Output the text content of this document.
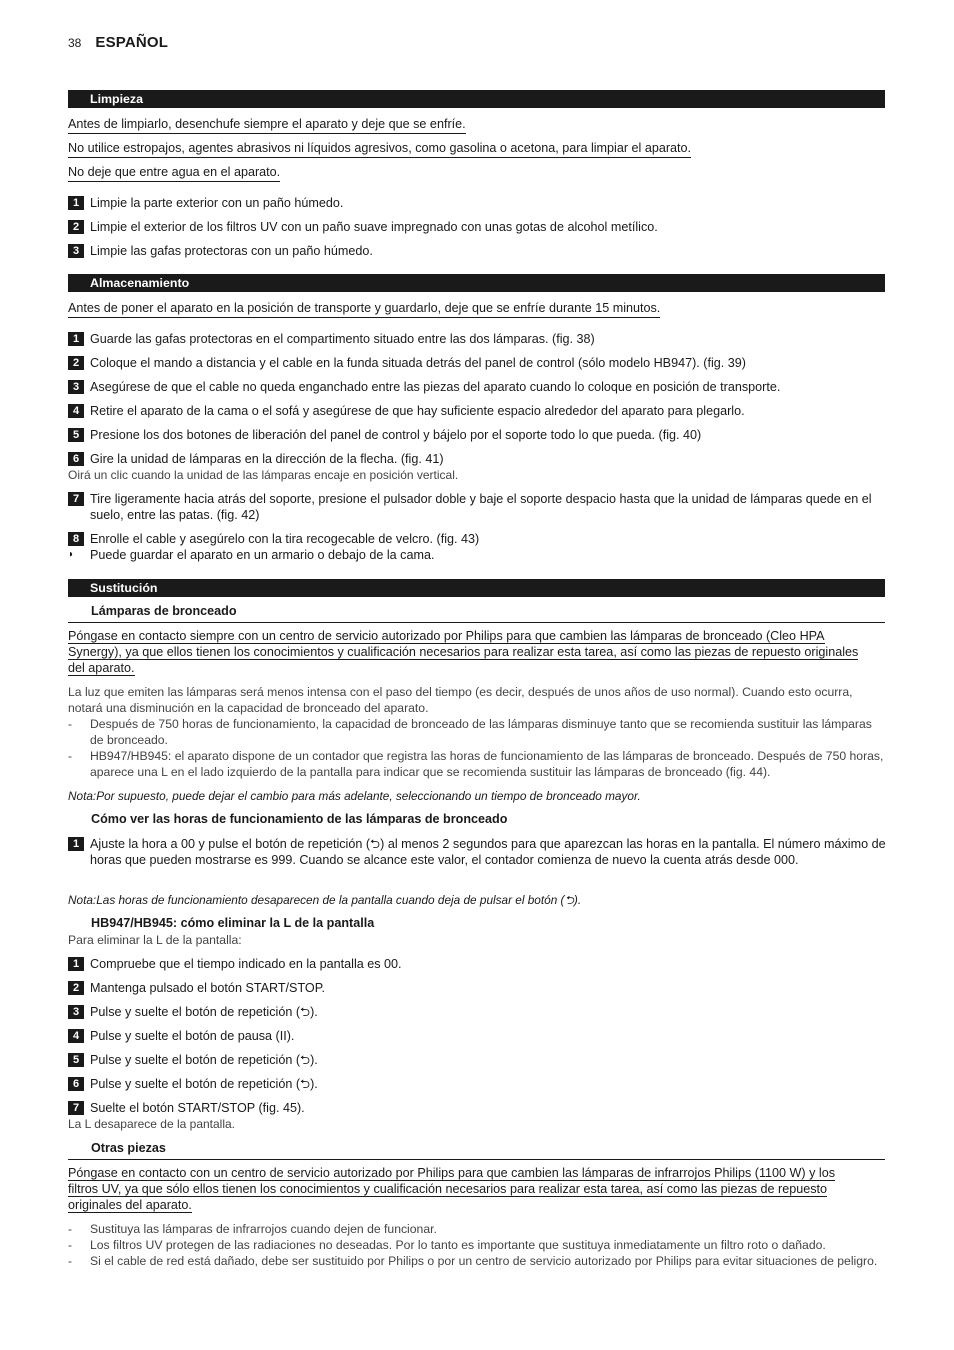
38 ESPAÑOL
Limpieza
Antes de limpiarlo, desenchufe siempre el aparato y deje que se enfríe.
No utilice estropajos, agentes abrasivos ni líquidos agresivos, como gasolina o acetona, para limpiar el aparato.
No deje que entre agua en el aparato.
1 Limpie la parte exterior con un paño húmedo.
2 Limpie el exterior de los filtros UV con un paño suave impregnado con unas gotas de alcohol metílico.
3 Limpie las gafas protectoras con un paño húmedo.
Almacenamiento
Antes de poner el aparato en la posición de transporte y guardarlo, deje que se enfríe durante 15 minutos.
1 Guarde las gafas protectoras en el compartimento situado entre las dos lámparas. (fig. 38)
2 Coloque el mando a distancia y el cable en la funda situada detrás del panel de control (sólo modelo HB947). (fig. 39)
3 Asegúrese de que el cable no queda enganchado entre las piezas del aparato cuando lo coloque en posición de transporte.
4 Retire el aparato de la cama o el sofá y asegúrese de que hay suficiente espacio alrededor del aparato para plegarlo.
5 Presione los dos botones de liberación del panel de control y bájelo por el soporte todo lo que pueda. (fig. 40)
6 Gire la unidad de lámparas en la dirección de la flecha. (fig. 41)
Oirá un clic cuando la unidad de las lámparas encaje en posición vertical.
7 Tire ligeramente hacia atrás del soporte, presione el pulsador doble y baje el soporte despacio hasta que la unidad de lámparas quede en el suelo, entre las patas. (fig. 42)
8 Enrolle el cable y asegúrelo con la tira recogecable de velcro. (fig. 43)
◗ Puede guardar el aparato en un armario o debajo de la cama.
Sustitución
Lámparas de bronceado
Póngase en contacto siempre con un centro de servicio autorizado por Philips para que cambien las lámparas de bronceado (Cleo HPA
Synergy), ya que ellos tienen los conocimientos y cualificación necesarios para realizar esta tarea, así como las piezas de repuesto originales
del aparato.
La luz que emiten las lámparas será menos intensa con el paso del tiempo (es decir, después de unos años de uso normal). Cuando esto ocurra, notará una disminución en la capacidad de bronceado del aparato.
- Después de 750 horas de funcionamiento, la capacidad de bronceado de las lámparas disminuye tanto que se recomienda sustituir las lámparas de bronceado.
- HB947/HB945: el aparato dispone de un contador que registra las horas de funcionamiento de las lámparas de bronceado. Después de 750 horas, aparece una L en el lado izquierdo de la pantalla para indicar que se recomienda sustituir las lámparas de bronceado (fig. 44).
Nota:Por supuesto, puede dejar el cambio para más adelante, seleccionando un tiempo de bronceado mayor.
Cómo ver las horas de funcionamiento de las lámparas de bronceado
1 Ajuste la hora a 00 y pulse el botón de repetición (⮌) al menos 2 segundos para que aparezcan las horas en la pantalla. El número máximo de horas que pueden mostrarse es 999. Cuando se alcance este valor, el contador comienza de nuevo la cuenta atrás desde 000.
Nota:Las horas de funcionamiento desaparecen de la pantalla cuando deja de pulsar el botón (⮌).
HB947/HB945: cómo eliminar la L de la pantalla
Para eliminar la L de la pantalla:
1 Compruebe que el tiempo indicado en la pantalla es 00.
2 Mantenga pulsado el botón START/STOP.
3 Pulse y suelte el botón de repetición (⮌).
4 Pulse y suelte el botón de pausa (II).
5 Pulse y suelte el botón de repetición (⮌).
6 Pulse y suelte el botón de repetición (⮌).
7 Suelte el botón START/STOP (fig. 45).
La L desaparece de la pantalla.
Otras piezas
Póngase en contacto con un centro de servicio autorizado por Philips para que cambien las lámparas de infrarrojos Philips (1100 W) y los
filtros UV, ya que sólo ellos tienen los conocimientos y cualificación necesarios para realizar esta tarea, así como las piezas de repuesto
originales del aparato.
- Sustituya las lámparas de infrarrojos cuando dejen de funcionar.
- Los filtros UV protegen de las radiaciones no deseadas. Por lo tanto es importante que sustituya inmediatamente un filtro roto o dañado.
- Si el cable de red está dañado, debe ser sustituido por Philips o por un centro de servicio autorizado por Philips para evitar situaciones de peligro.
